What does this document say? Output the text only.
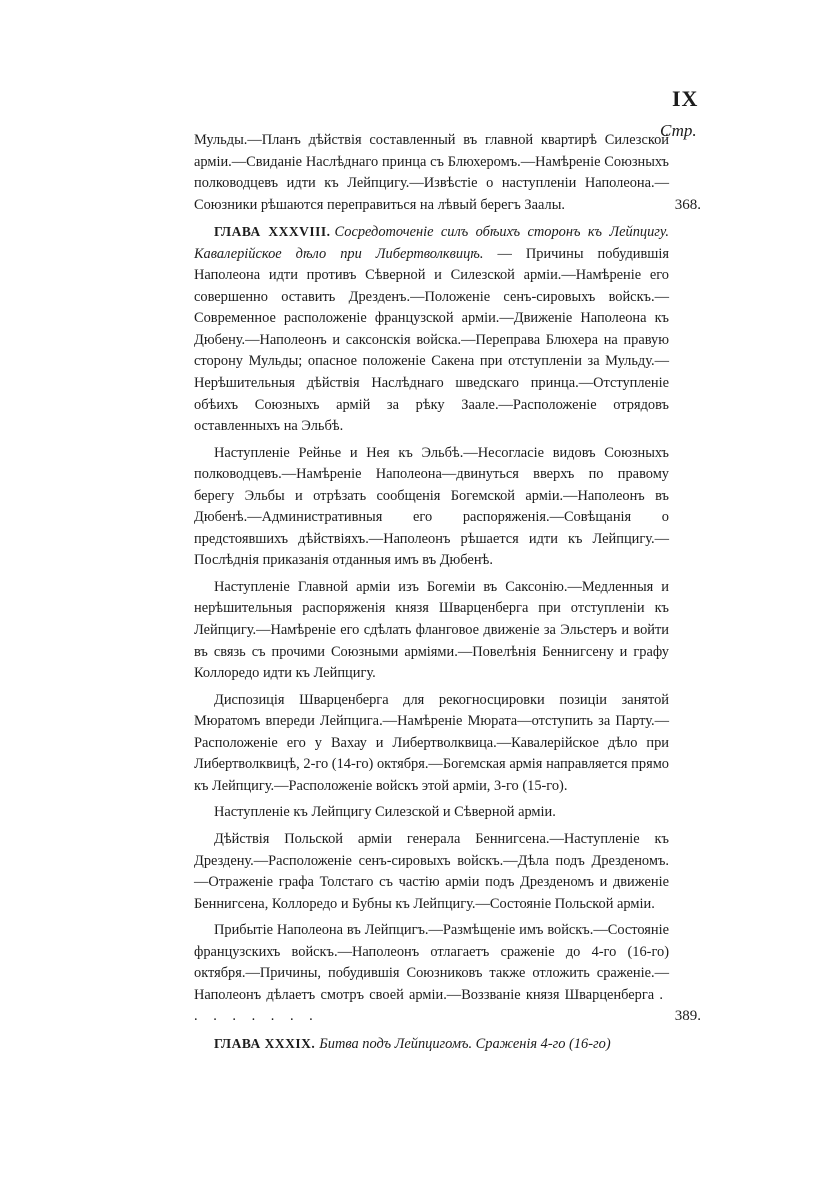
IX
Стр.

Мульды.—Планъ дѣйствія составленный въ главной квартирѣ Силезской арміи.—Свиданіе Наслѣднаго принца съ Блюхеромъ.—Намѣреніе Союзныхъ полководцевъ идти къ Лейпцигу.—Извѣстіе о наступленіи Наполеона.—Союзники рѣшаются переправиться на лѣвый берегъ Заалы.	368.

ГЛАВА XXXVIII. Сосредоточеніе силъ обѣихъ сторонъ къ Лейпцигу. Кавалерійское дѣло при Либертволквицѣ. — Причины побудившія Наполеона идти противъ Сѣверной и Силезской арміи.—Намѣреніе его совершенно оставить Дрезденъ.—Положеніе сенъ-сировыхъ войскъ.—Современное расположеніе французской арміи.—Движеніе Наполеона къ Дюбену.—Наполеонъ и саксонскія войска.—Переправа Блюхера на правую сторону Мульды; опасное положеніе Сакена при отступленіи за Мульду.—Нерѣшительныя дѣйствія Наслѣднаго шведскаго принца.—Отступленіе обѣихъ Союзныхъ армій за рѣку Заале.—Расположеніе отрядовъ оставленныхъ на Эльбѣ.

Наступленіе Рейнье и Нея къ Эльбѣ.—Несогласіе видовъ Союзныхъ полководцевъ.—Намѣреніе Наполеона—двинуться вверхъ по правому берегу Эльбы и отрѣзать сообщенія Богемской арміи.—Наполеонъ въ Дюбенѣ.—Административныя его распоряженія.—Совѣщанія о предстоявшихъ дѣйствіяхъ.—Наполеонъ рѣшается идти къ Лейпцигу.—Послѣднія приказанія отданныя имъ въ Дюбенѣ.

Наступленіе Главной арміи изъ Богеміи въ Саксонію.—Медленныя и нерѣшительныя распоряженія князя Шварценберга при отступленіи къ Лейпцигу.—Намѣреніе его сдѣлать фланговое движеніе за Эльстеръ и войти въ связь съ прочими Союзными арміями.—Повелѣнія Беннигсену и графу Коллоредо идти къ Лейпцигу.

Диспозиція Шварценберга для рекогносцировки позиціи занятой Мюратомъ впереди Лейпцига.—Намѣреніе Мюрата—отступить за Парту.—Расположеніе его у Вахау и Либертволквица.—Кавалерійское дѣло при Либертволквицѣ, 2-го (14-го) октября.—Богемская армія направляется прямо къ Лейпцигу.—Расположеніе войскъ этой арміи, 3-го (15-го).

Наступленіе къ Лейпцигу Силезской и Сѣверной арміи.

Дѣйствія Польской арміи генерала Беннигсена.—Наступленіе къ Дрездену.—Расположеніе сенъ-сировыхъ войскъ.—Дѣла подъ Дрезденомъ.—Отраженіе графа Толстаго съ частію арміи подъ Дрезденомъ и движеніе Беннигсена, Коллоредо и Бубны къ Лейпцигу.—Состояніе Польской арміи.

Прибытіе Наполеона въ Лейпцигъ.—Размѣщеніе имъ войскъ.—Состояніе французскихъ войскъ.—Наполеонъ отлагаетъ сраженіе до 4-го (16-го) октября.—Причины, побудившія Союзниковъ также отложить сраженіе.—Наполеонъ дѣлаетъ смотръ своей арміи.—Воззваніе князя Шварценберга . . . . . . . .	389.

ГЛАВА XXXIX. Битва подъ Лейпцигомъ. Сраженія 4-го (16-го)
